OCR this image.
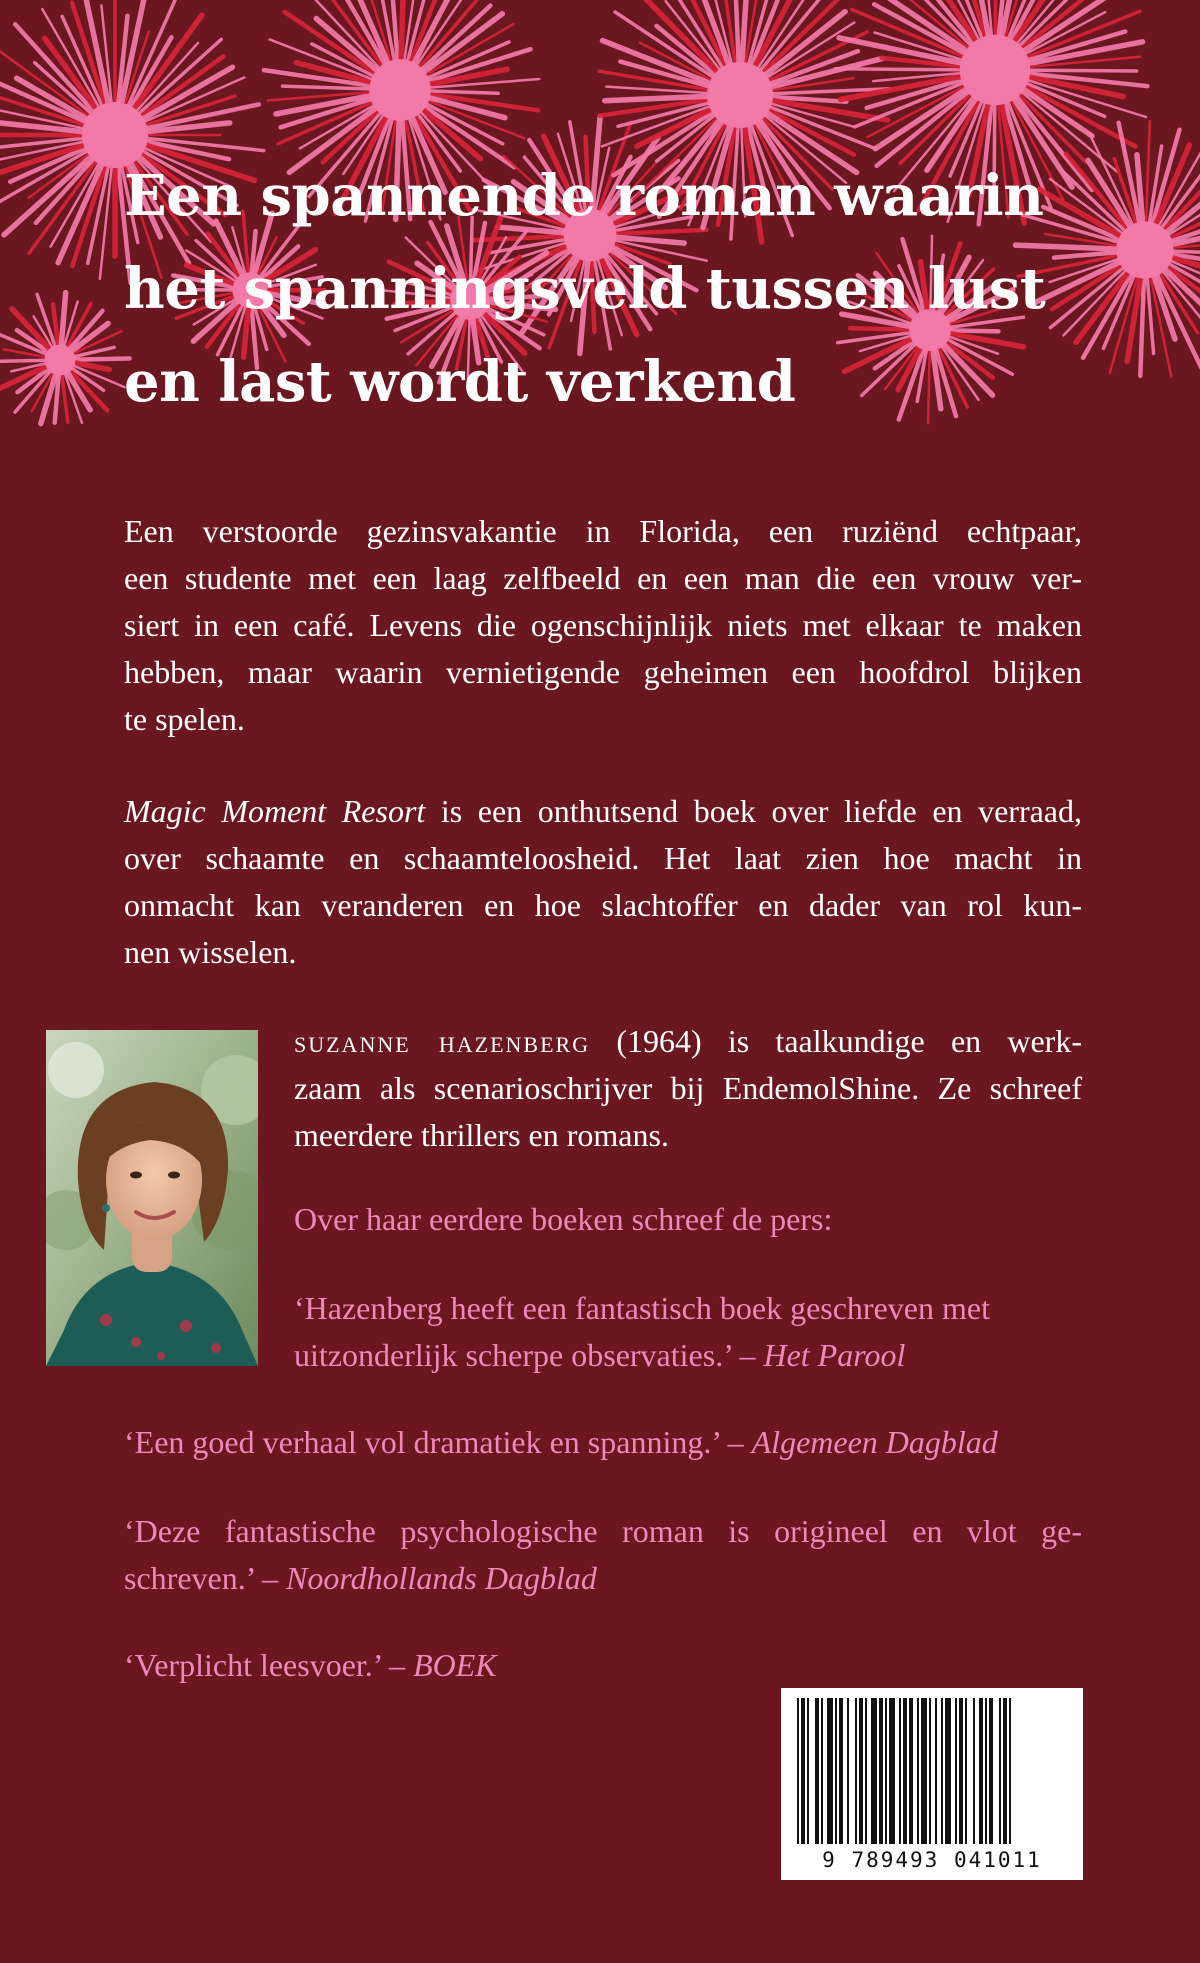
Een spannende roman waarin
het spanningsveld tussen lust
en last wordt verkend
Een verstoorde gezinsvakantie in Florida, een ruziënd echtpaar,
een studente met een laag zelfbeeld en een man die een vrouw ver-
siert in een café. Levens die ogenschijnlijk niets met elkaar te maken
hebben, maar waarin vernietigende geheimen een hoofdrol blijken
te spelen.
Magic Moment Resort is een onthutsend boek over liefde en verraad,
over schaamte en schaamteloosheid. Het laat zien hoe macht in
onmacht kan veranderen en hoe slachtoffer en dader van rol kun-
nen wisselen.
suzanne hazenberg (1964) is taalkundige en werk-
zaam als scenarioschrijver bij EndemolShine. Ze schreef
meerdere thrillers en romans.
Over haar eerdere boeken schreef de pers:
‘Hazenberg heeft een fantastisch boek geschreven met
uitzonderlijk scherpe observaties.’ – Het Parool
‘Een goed verhaal vol dramatiek en spanning.’ – Algemeen Dagblad
‘Deze fantastische psychologische roman is origineel en vlot ge-
schreven.’ – Noordhollands Dagblad
‘Verplicht leesvoer.’ – BOEK
9 789493 041011
